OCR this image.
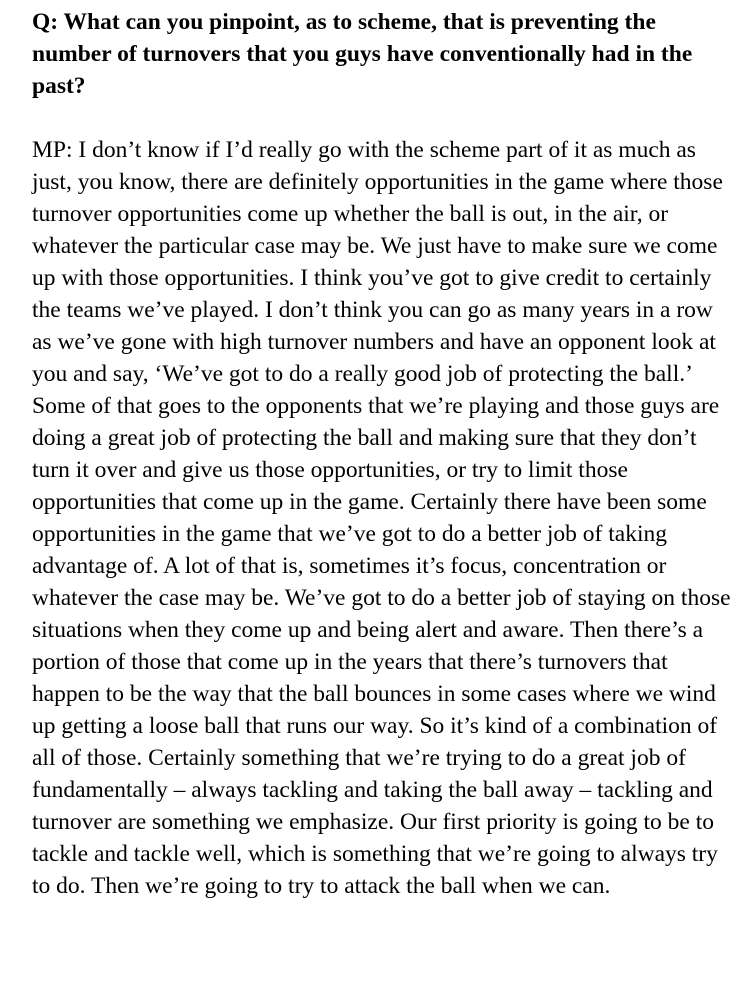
Q: What can you pinpoint, as to scheme, that is preventing the number of turnovers that you guys have conventionally had in the past?

MP: I don’t know if I’d really go with the scheme part of it as much as just, you know, there are definitely opportunities in the game where those turnover opportunities come up whether the ball is out, in the air, or whatever the particular case may be. We just have to make sure we come up with those opportunities. I think you’ve got to give credit to certainly the teams we’ve played. I don’t think you can go as many years in a row as we’ve gone with high turnover numbers and have an opponent look at you and say, ‘We’ve got to do a really good job of protecting the ball.’ Some of that goes to the opponents that we’re playing and those guys are doing a great job of protecting the ball and making sure that they don’t turn it over and give us those opportunities, or try to limit those opportunities that come up in the game. Certainly there have been some opportunities in the game that we’ve got to do a better job of taking advantage of. A lot of that is, sometimes it’s focus, concentration or whatever the case may be. We’ve got to do a better job of staying on those situations when they come up and being alert and aware. Then there’s a portion of those that come up in the years that there’s turnovers that happen to be the way that the ball bounces in some cases where we wind up getting a loose ball that runs our way. So it’s kind of a combination of all of those. Certainly something that we’re trying to do a great job of fundamentally – always tackling and taking the ball away – tackling and turnover are something we emphasize. Our first priority is going to be to tackle and tackle well, which is something that we’re going to always try to do. Then we’re going to try to attack the ball when we can.
